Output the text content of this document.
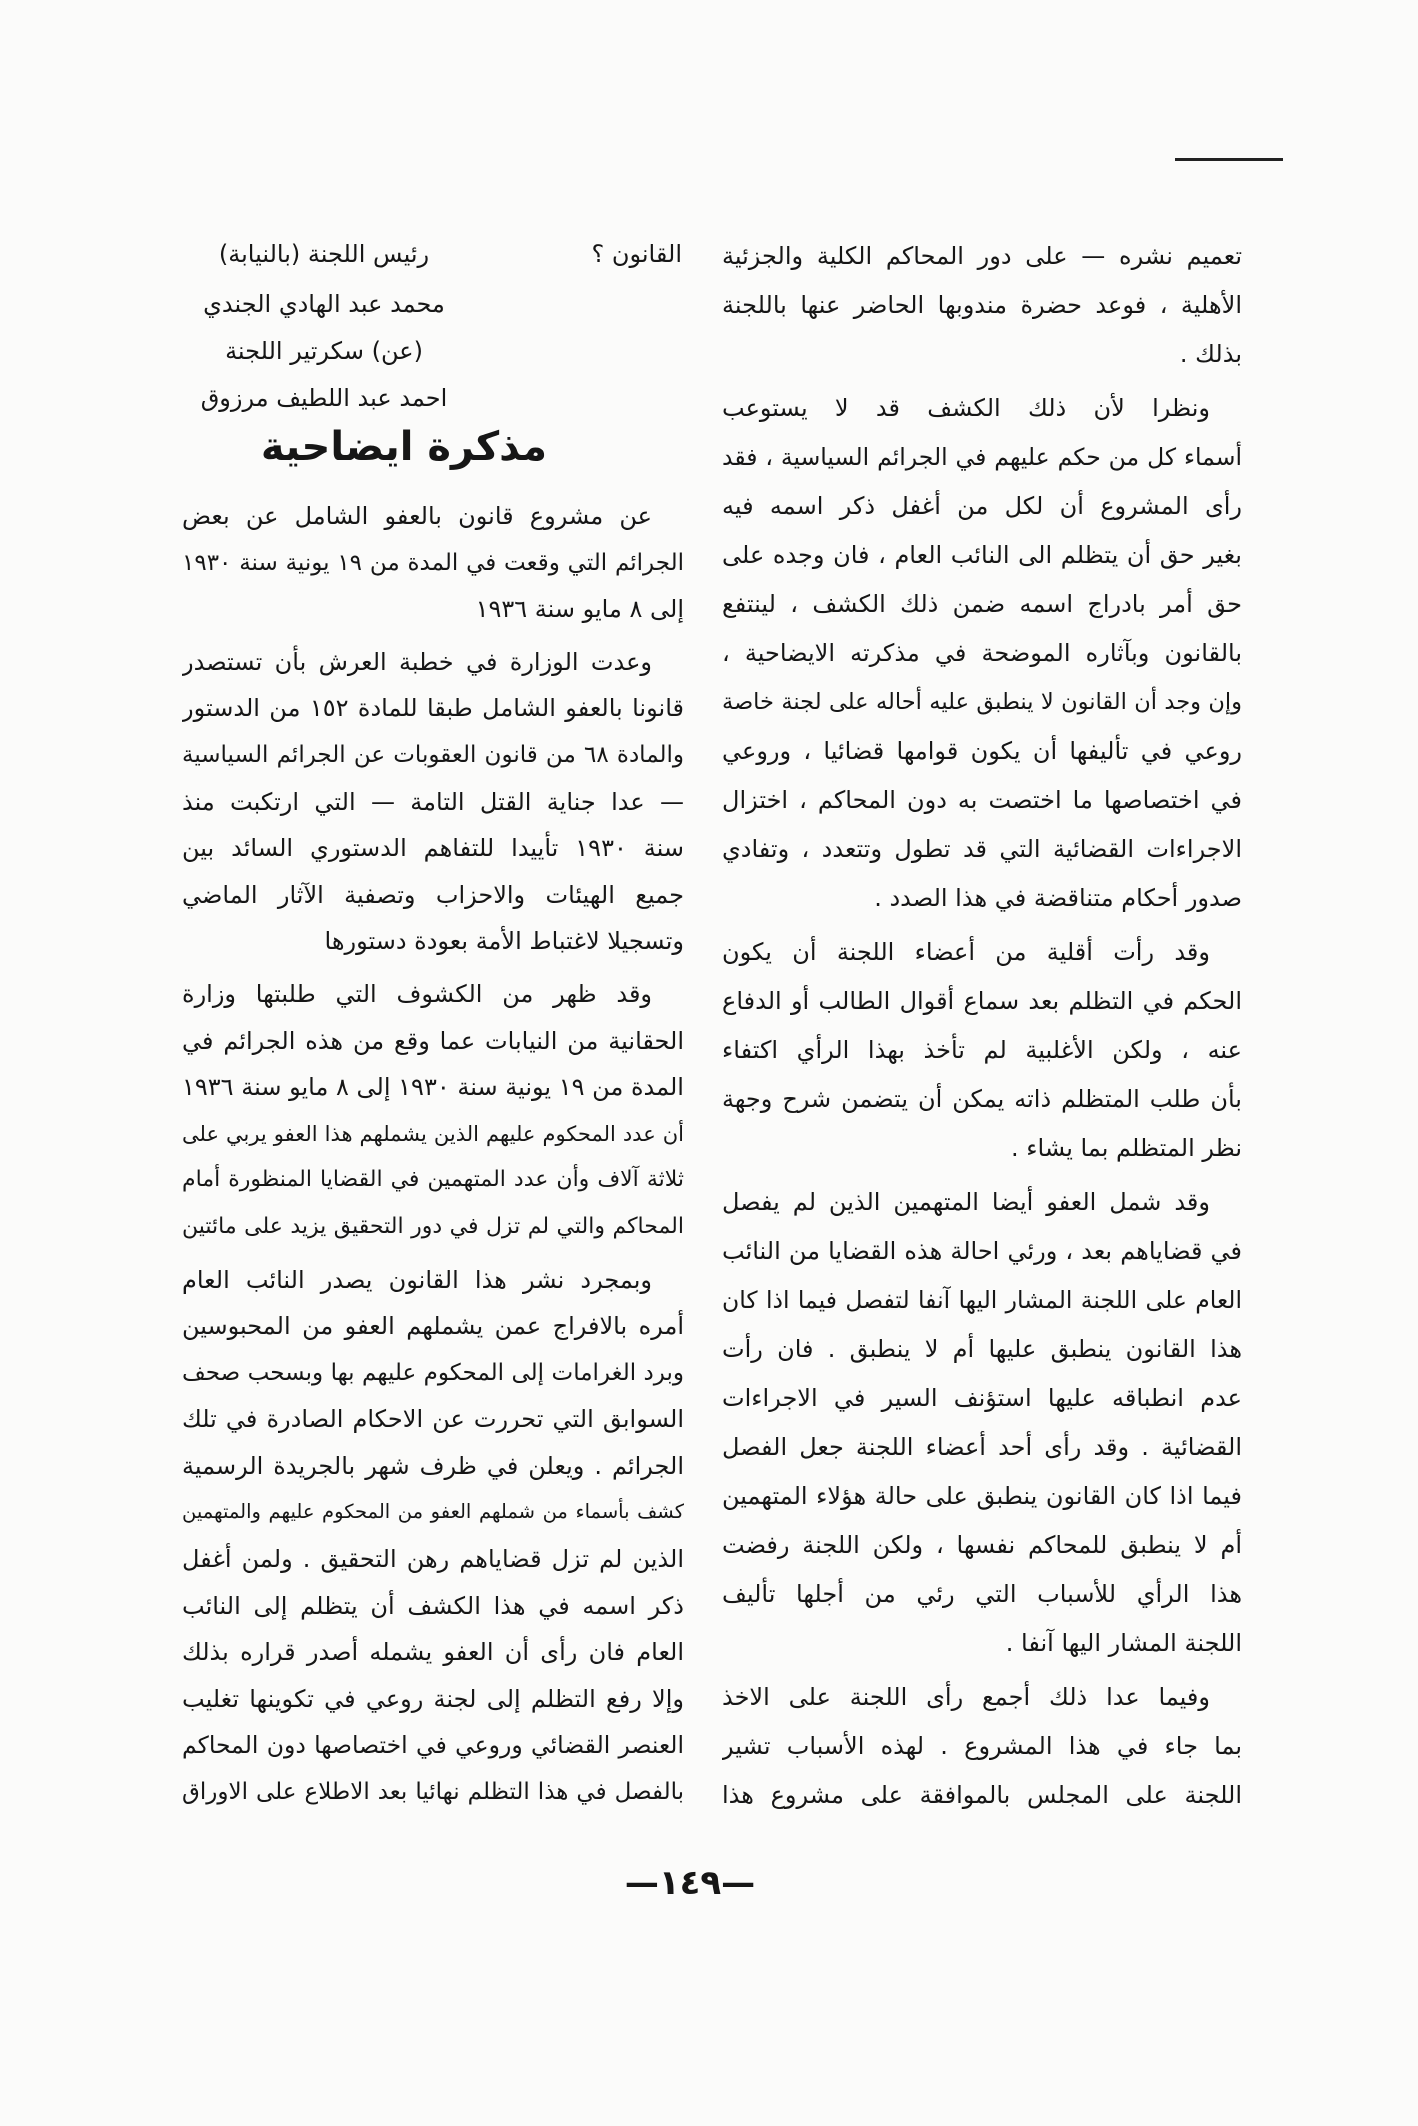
تعميم نشره — على دور المحاكم الكلية والجزئية
الأهلية ، فوعد حضرة مندوبها الحاضر عنها باللجنة
بذلك .
ونظرا لأن ذلك الكشف قد لا يستوعب
أسماء كل من حكم عليهم في الجرائم السياسية ، فقد
رأى المشروع أن لكل من أغفل ذكر اسمه فيه
بغير حق أن يتظلم الى النائب العام ، فان وجده على
حق أمر بادراج اسمه ضمن ذلك الكشف ، لينتفع
بالقانون وبآثاره الموضحة في مذكرته الايضاحية ،
وإن وجد أن القانون لا ينطبق عليه أحاله على لجنة خاصة
روعي في تأليفها أن يكون قوامها قضائيا ، وروعي
في اختصاصها ما اختصت به دون المحاكم ، اختزال
الاجراءات القضائية التي قد تطول وتتعدد ، وتفادي
صدور أحكام متناقضة في هذا الصدد .
وقد رأت أقلية من أعضاء اللجنة أن يكون
الحكم في التظلم بعد سماع أقوال الطالب أو الدفاع
عنه ، ولكن الأغلبية لم تأخذ بهذا الرأي اكتفاء
بأن طلب المتظلم ذاته يمكن أن يتضمن شرح وجهة
نظر المتظلم بما يشاء .
وقد شمل العفو أيضا المتهمين الذين لم يفصل
في قضاياهم بعد ، ورئي احالة هذه القضايا من النائب
العام على اللجنة المشار اليها آنفا لتفصل فيما اذا كان
هذا القانون ينطبق عليها أم لا ينطبق . فان رأت
عدم انطباقه عليها استؤنف السير في الاجراءات
القضائية . وقد رأى أحد أعضاء اللجنة جعل الفصل
فيما اذا كان القانون ينطبق على حالة هؤلاء المتهمين
أم لا ينطبق للمحاكم نفسها ، ولكن اللجنة رفضت
هذا الرأي للأسباب التي رئي من أجلها تأليف
اللجنة المشار اليها آنفا .
وفيما عدا ذلك أجمع رأى اللجنة على الاخذ
بما جاء في هذا المشروع . لهذه الأسباب تشير
اللجنة على المجلس بالموافقة على مشروع هذا
القانون ؟
رئيس اللجنة (بالنيابة)
محمد عبد الهادي الجندي
(عن) سكرتير اللجنة
احمد عبد اللطيف مرزوق
مذكرة ايضاحية
عن مشروع قانون بالعفو الشامل عن بعض
الجرائم التي وقعت في المدة من ١٩ يونية سنة ١٩٣٠
إلى ٨ مايو سنة ١٩٣٦
وعدت الوزارة في خطبة العرش بأن تستصدر
قانونا بالعفو الشامل طبقا للمادة ١٥٢ من الدستور
والمادة ٦٨ من قانون العقوبات عن الجرائم السياسية
— عدا جناية القتل التامة — التي ارتكبت منذ
سنة ١٩٣٠ تأييدا للتفاهم الدستوري السائد بين
جميع الهيئات والاحزاب وتصفية الآثار الماضي
وتسجيلا لاغتباط الأمة بعودة دستورها
وقد ظهر من الكشوف التي طلبتها وزارة
الحقانية من النيابات عما وقع من هذه الجرائم في
المدة من ١٩ يونية سنة ١٩٣٠ إلى ٨ مايو سنة ١٩٣٦
أن عدد المحكوم عليهم الذين يشملهم هذا العفو يربي على
ثلاثة آلاف وأن عدد المتهمين في القضايا المنظورة أمام
المحاكم والتي لم تزل في دور التحقيق يزيد على مائتين
وبمجرد نشر هذا القانون يصدر النائب العام
أمره بالافراج عمن يشملهم العفو من المحبوسين
وبرد الغرامات إلى المحكوم عليهم بها وبسحب صحف
السوابق التي تحررت عن الاحكام الصادرة في تلك
الجرائم . ويعلن في ظرف شهر بالجريدة الرسمية
كشف بأسماء من شملهم العفو من المحكوم عليهم والمتهمين
الذين لم تزل قضاياهم رهن التحقيق . ولمن أغفل
ذكر اسمه في هذا الكشف أن يتظلم إلى النائب
العام فان رأى أن العفو يشمله أصدر قراره بذلك
وإلا رفع التظلم إلى لجنة روعي في تكوينها تغليب
العنصر القضائي وروعي في اختصاصها دون المحاكم
بالفصل في هذا التظلم نهائيا بعد الاطلاع على الاوراق
—١٤٩—
